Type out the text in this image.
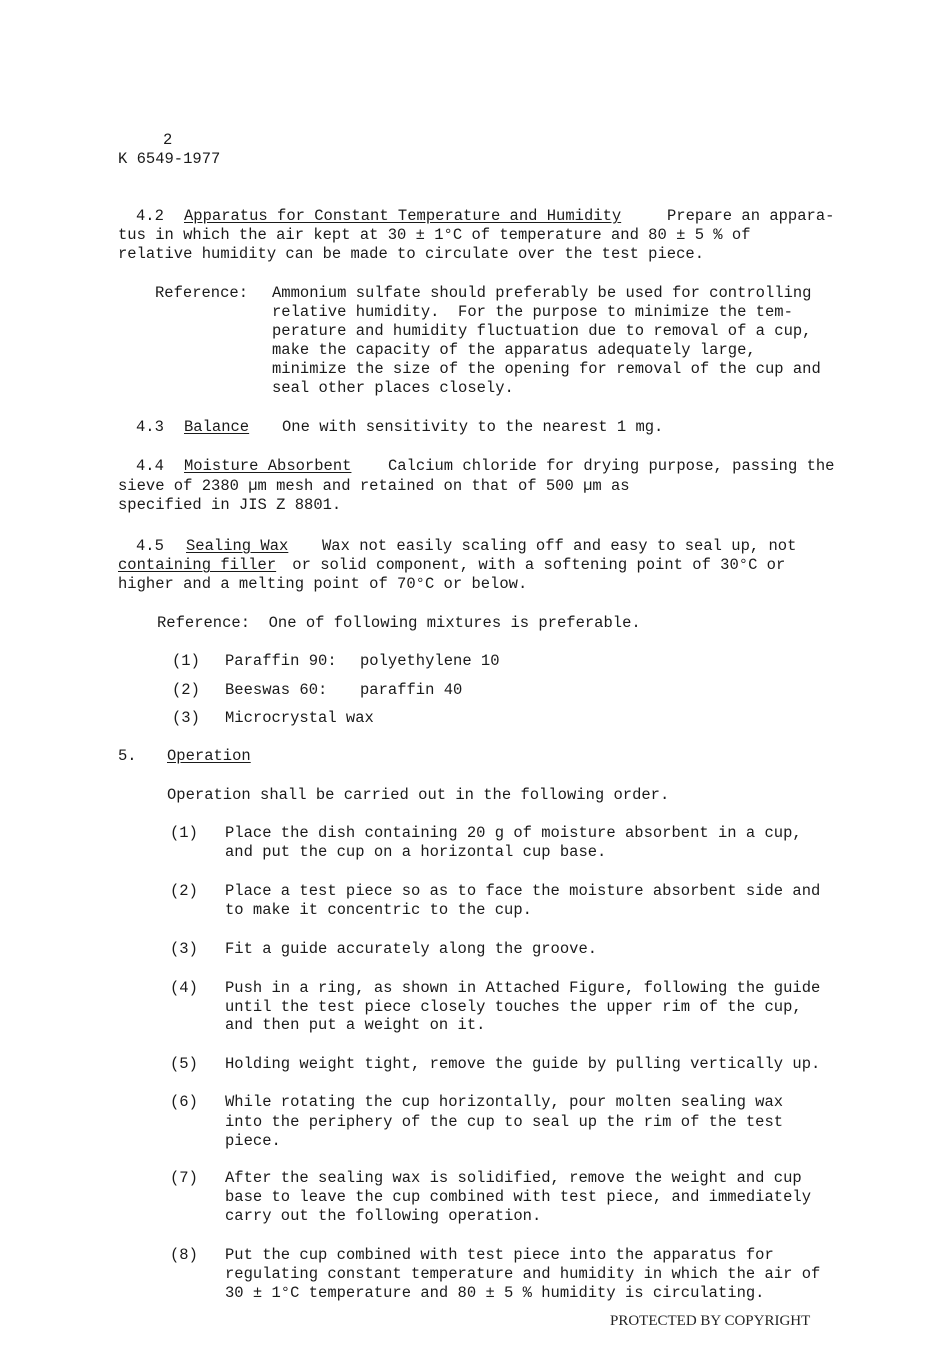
2
K 6549-1977
4.2 Apparatus for Constant Temperature and Humidity	Prepare an appara-
tus in which the air kept at 30 ± 1°C of temperature and 80 ± 5 % of
relative humidity can be made to circulate over the test piece.
Reference: Ammonium sulfate should preferably be used for controlling
relative humidity.  For the purpose to minimize the tem-
perature and humidity fluctuation due to removal of a cup,
make the capacity of the apparatus adequately large,
minimize the size of the opening for removal of the cup and
seal other places closely.
4.3 Balance One with sensitivity to the nearest 1 mg.
4.4 Moisture Absorbent Calcium chloride for drying purpose, passing the
sieve of 2380 µm mesh and retained on that of 500 µm as
specified in JIS Z 8801.
4.5 Sealing Wax Wax not easily scaling off and easy to seal up, not
containing filler or solid component, with a softening point of 30°C or
higher and a melting point of 70°C or below.
Reference:  One of following mixtures is preferable.
(1) Paraffin 90: polyethylene 10
(2) Beeswas 60: paraffin 40
(3) Microcrystal wax
5. Operation
Operation shall be carried out in the following order.
(1) Place the dish containing 20 g of moisture absorbent in a cup,
and put the cup on a horizontal cup base.
(2) Place a test piece so as to face the moisture absorbent side and
to make it concentric to the cup.
(3) Fit a guide accurately along the groove.
(4) Push in a ring, as shown in Attached Figure, following the guide
until the test piece closely touches the upper rim of the cup,
and then put a weight on it.
(5) Holding weight tight, remove the guide by pulling vertically up.
(6) While rotating the cup horizontally, pour molten sealing wax
into the periphery of the cup to seal up the rim of the test
piece.
(7) After the sealing wax is solidified, remove the weight and cup
base to leave the cup combined with test piece, and immediately
carry out the following operation.
(8) Put the cup combined with test piece into the apparatus for
regulating constant temperature and humidity in which the air of
30 ± 1°C temperature and 80 ± 5 % humidity is circulating.
PROTECTED BY COPYRIGHT
